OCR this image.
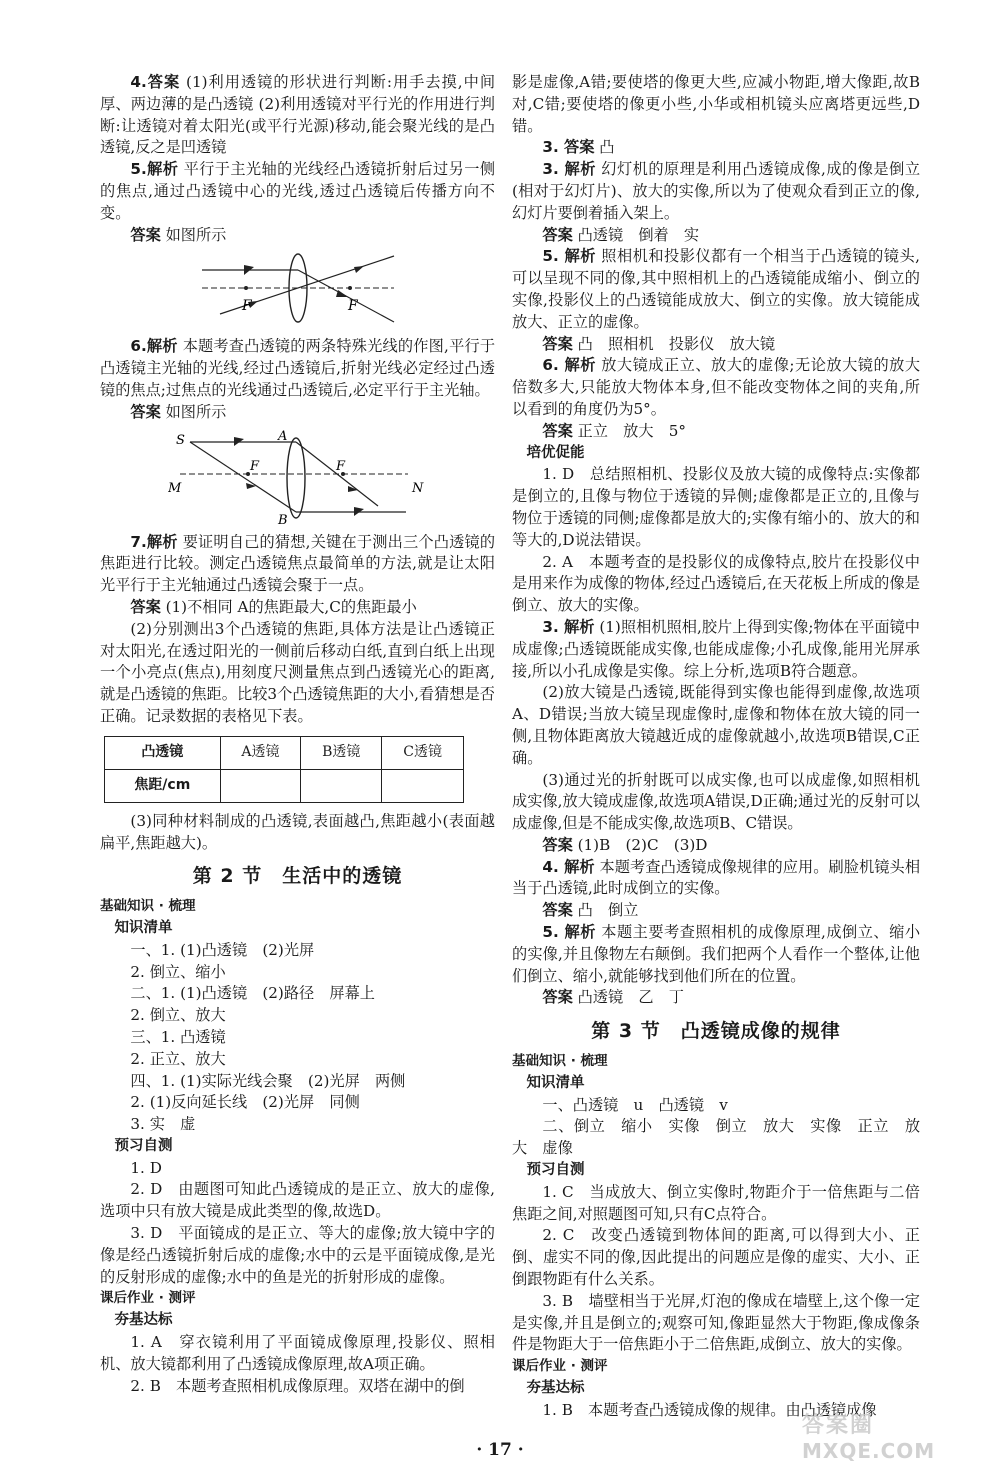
4.答案 (1)利用透镜的形状进行判断:用手去摸,中间厚、两边薄的是凸透镜 (2)利用透镜对平行光的作用进行判断:让透镜对着太阳光(或平行光源)移动,能会聚光线的是凸透镜,反之是凹透镜

5.解析 平行于主光轴的光线经凸透镜折射后过另一侧的焦点,通过凸透镜中心的光线,透过凸透镜后传播方向不变。

答案 如图所示

F	F

6.解析 本题考查凸透镜的两条特殊光线的作图,平行于凸透镜主光轴的光线,经过凸透镜后,折射光线必定经过凸透镜的焦点;过焦点的光线通过凸透镜后,必定平行于主光轴。

答案 如图所示

S	A
B
F	F
M	N

7.解析 要证明自己的猜想,关键在于测出三个凸透镜的焦距进行比较。测定凸透镜焦点最简单的方法,就是让太阳光平行于主光轴通过凸透镜会聚于一点。

答案 (1)不相同 A的焦距最大,C的焦距最小

(2)分别测出3个凸透镜的焦距,具体方法是让凸透镜正对太阳光,在透过阳光的一侧前后移动白纸,直到白纸上出现一个小亮点(焦点),用刻度尺测量焦点到凸透镜光心的距离,就是凸透镜的焦距。比较3个凸透镜焦距的大小,看猜想是否正确。记录数据的表格见下表。

凸透镜	A透镜	B透镜	C透镜
焦距/cm			

(3)同种材料制成的凸透镜,表面越凸,焦距越小(表面越扁平,焦距越大)。

第 2 节　生活中的透镜

基础知识 · 梳理

知识清单

一、1. (1)凸透镜　(2)光屏

2. 倒立、缩小

二、1. (1)凸透镜　(2)路径　屏幕上

2. 倒立、放大

三、1. 凸透镜

2. 正立、放大

四、1. (1)实际光线会聚　(2)光屏　两侧

2. (1)反向延长线　(2)光屏　同侧

3. 实　虚

预习自测

1. D

2. D　由题图可知此凸透镜成的是正立、放大的虚像,选项中只有放大镜是成此类型的像,故选D。

3. D　平面镜成的是正立、等大的虚像;放大镜中字的像是经凸透镜折射后成的虚像;水中的云是平面镜成像,是光的反射形成的虚像;水中的鱼是光的折射形成的虚像。

课后作业 · 测评

夯基达标

1. A　穿衣镜利用了平面镜成像原理,投影仪、照相机、放大镜都利用了凸透镜成像原理,故A项正确。

2. B　本题考查照相机成像原理。双塔在湖中的倒

影是虚像,A错;要使塔的像更大些,应减小物距,增大像距,故B对,C错;要使塔的像更小些,小华或相机镜头应离塔更远些,D错。

3. 答案 凸

3. 解析 幻灯机的原理是利用凸透镜成像,成的像是倒立(相对于幻灯片)、放大的实像,所以为了使观众看到正立的像,幻灯片要倒着插入架上。

答案 凸透镜　倒着　实

5. 解析 照相机和投影仪都有一个相当于凸透镜的镜头,可以呈现不同的像,其中照相机上的凸透镜能成缩小、倒立的实像,投影仪上的凸透镜能成放大、倒立的实像。放大镜能成放大、正立的虚像。

答案 凸　照相机　投影仪　放大镜

6. 解析 放大镜成正立、放大的虚像;无论放大镜的放大倍数多大,只能放大物体本身,但不能改变物体之间的夹角,所以看到的角度仍为5°。

答案 正立　放大　5°

培优促能

1. D　总结照相机、投影仪及放大镜的成像特点:实像都是倒立的,且像与物位于透镜的异侧;虚像都是正立的,且像与物位于透镜的同侧;虚像都是放大的;实像有缩小的、放大的和等大的,D说法错误。

2. A　本题考查的是投影仪的成像特点,胶片在投影仪中是用来作为成像的物体,经过凸透镜后,在天花板上所成的像是倒立、放大的实像。

3. 解析 (1)照相机照相,胶片上得到实像;物体在平面镜中成虚像;凸透镜既能成实像,也能成虚像;小孔成像,能用光屏承接,所以小孔成像是实像。综上分析,选项B符合题意。

(2)放大镜是凸透镜,既能得到实像也能得到虚像,故选项A、D错误;当放大镜呈现虚像时,虚像和物体在放大镜的同一侧,且物体距离放大镜越近成的虚像就越小,故选项B错误,C正确。

(3)通过光的折射既可以成实像,也可以成虚像,如照相机成实像,放大镜成虚像,故选项A错误,D正确;通过光的反射可以成虚像,但是不能成实像,故选项B、C错误。

答案 (1)B　(2)C　(3)D

4. 解析 本题考查凸透镜成像规律的应用。刷脸机镜头相当于凸透镜,此时成倒立的实像。

答案 凸　倒立

5. 解析 本题主要考查照相机的成像原理,成倒立、缩小的实像,并且像物左右颠倒。我们把两个人看作一个整体,让他们倒立、缩小,就能够找到他们所在的位置。

答案 凸透镜　乙　丁

第 3 节　凸透镜成像的规律

基础知识 · 梳理

知识清单

一、凸透镜　u　凸透镜　v

二、倒立　缩小　实像　倒立　放大　实像　正立　放大　虚像

预习自测

1. C　当成放大、倒立实像时,物距介于一倍焦距与二倍焦距之间,对照题图可知,只有C点符合。

2. C　改变凸透镜到物体间的距离,可以得到大小、正倒、虚实不同的像,因此提出的问题应是像的虚实、大小、正倒跟物距有什么关系。

3. B　墙壁相当于光屏,灯泡的像成在墙壁上,这个像一定是实像,并且是倒立的;观察可知,像距显然大于物距,像成像条件是物距大于一倍焦距小于二倍焦距,成倒立、放大的实像。

课后作业 · 测评

夯基达标

1. B　本题考查凸透镜成像的规律。由凸透镜成像

· 17 ·
答案圈
MXQE.COM
